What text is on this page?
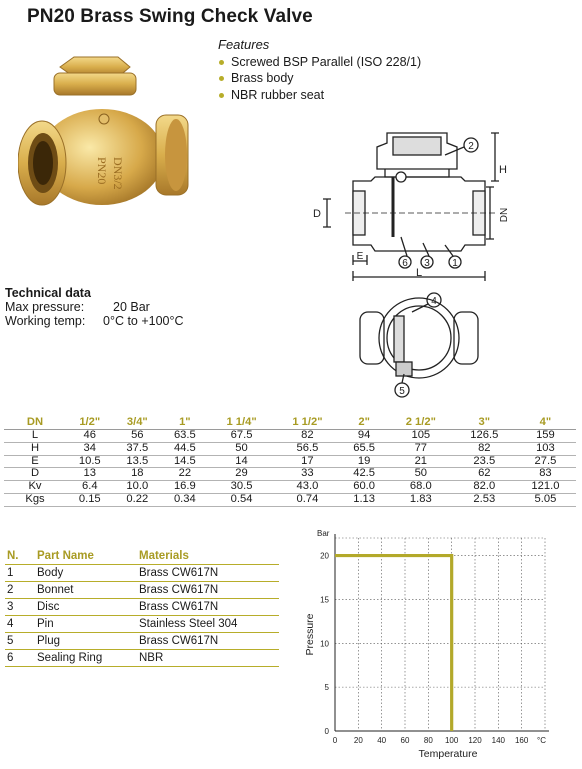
PN20 Brass Swing Check Valve
DN3/2
PN20
Features
Screwed BSP Parallel (ISO 228/1)
Brass body
NBR rubber seat
H
D	DN
E
L
2
6 3 1
4
5
Technical data
Max pressure: 20 Bar
Working temp: 0°C to +100°C
DN	1/2"	3/4"	1"	1 1/4"	1 1/2"	2"	2 1/2"	3"	4"
L	46	56	63.5	67.5	82	94	105	126.5	159
H	34	37.5	44.5	50	56.5	65.5	77	82	103
E	10.5	13.5	14.5	14	17	19	21	23.5	27.5
D	13	18	22	29	33	42.5	50	62	83
Kv	6.4	10.0	16.9	30.5	43.0	60.0	68.0	82.0	121.0
Kgs	0.15	0.22	0.34	0.54	0.74	1.13	1.83	2.53	5.05
N.	Part Name	Materials
1	Body	Brass CW617N
2	Bonnet	Brass CW617N
3	Disc	Brass CW617N
4	Pin	Stainless Steel 304
5	Plug	Brass CW617N
6	Sealing Ring	NBR
0 20 40 60 80 100 120 140 160
0
5
10
15
20
°C
Bar
Temperature
Pressure
